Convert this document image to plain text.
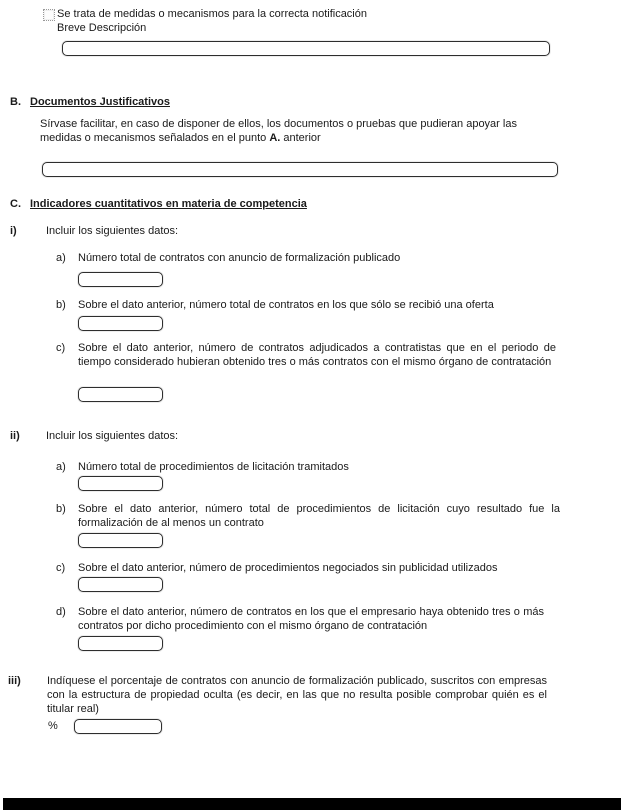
Se trata de medidas o mecanismos para la correcta notificación
Breve Descripción
B. Documentos Justificativos
Sírvase facilitar, en caso de disponer de ellos, los documentos o pruebas que pudieran apoyar las medidas o mecanismos señalados en el punto A. anterior
C. Indicadores cuantitativos en materia de competencia
i)	Incluir los siguientes datos:
a)	Número total de contratos con anuncio de formalización publicado
b)	Sobre el dato anterior, número total de contratos en los que sólo se recibió una oferta
c)	Sobre el dato anterior, número de contratos adjudicados a contratistas que en el periodo de tiempo considerado hubieran obtenido tres o más contratos con el mismo órgano de contratación
ii)	Incluir los siguientes datos:
a)	Número total de procedimientos de licitación tramitados
b)	Sobre el dato anterior, número total de procedimientos de licitación cuyo resultado fue la formalización de al menos un contrato
c)	Sobre el dato anterior, número de procedimientos negociados sin publicidad utilizados
d)	Sobre el dato anterior, número de contratos en los que el empresario haya obtenido tres o más contratos por dicho procedimiento con el mismo órgano de contratación
iii)	Indíquese el porcentaje de contratos con anuncio de formalización publicado, suscritos con empresas con la estructura de propiedad oculta (es decir, en las que no resulta posible comprobar quién es el titular real)
%
